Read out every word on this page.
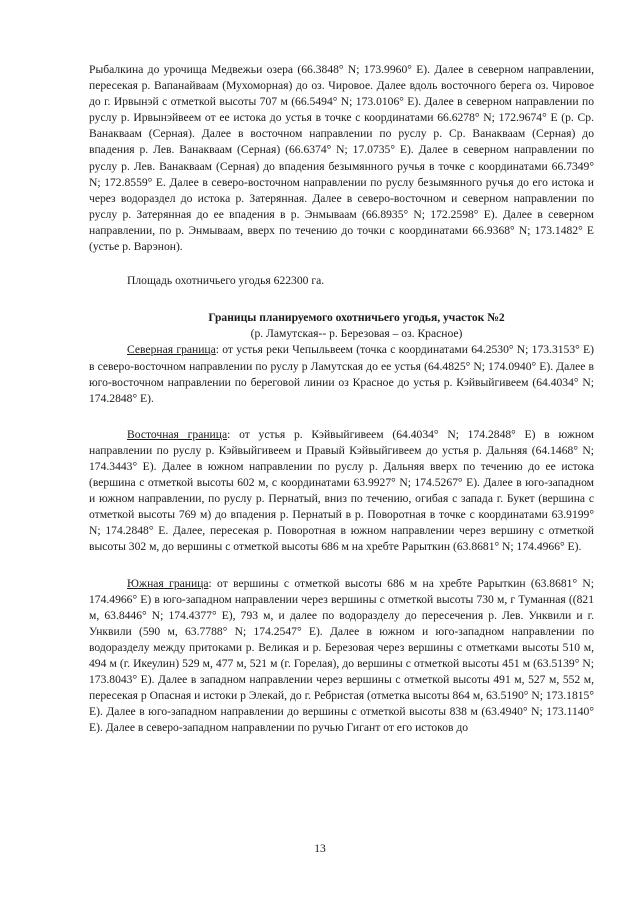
Рыбалкина до урочища Медвежьи озера (66.3848° N; 173.9960° E). Далее в северном направлении, пересекая р. Вапанайваам (Мухоморная) до оз. Чировое. Далее вдоль восточного берега оз. Чировое до г. Ирвынэй с отметкой высоты 707 м (66.5494° N; 173.0106° E). Далее в северном направлении по руслу р. Ирвынэйвеем от ее истока до устья в точке с координатами 66.6278° N; 172.9674° E (р. Ср. Ванакваам (Серная). Далее в восточном направлении по руслу р. Ср. Ванакваам (Серная) до впадения р. Лев. Ванакваам (Серная) (66.6374° N; 17.0735° E). Далее в северном направлении по руслу р. Лев. Ванакваам (Серная) до впадения безымянного ручья в точке с координатами 66.7349° N; 172.8559° E. Далее в северо-восточном направлении по руслу безымянного ручья до его истока и через водораздел до истока р. Затерянная. Далее в северо-восточном и северном направлении по руслу р. Затерянная до ее впадения в р. Энмываам (66.8935° N; 172.2598° E). Далее в северном направлении, по р. Энмываам, вверх по течению до точки с координатами 66.9368° N; 173.1482° E (устье р. Варэнон).

Площадь охотничьего угодья 622300 га.

Границы планируемого охотничьего угодья, участок №2

(р. Ламутская-- р. Березовая – оз. Красное)

Северная граница: от устья реки Чепыльвеем (точка с координатами 64.2530° N; 173.3153° E) в северо-восточном направлении по руслу р Ламутская до ее устья (64.4825° N; 174.0940° E). Далее в юго-восточном направлении по береговой линии оз Красное до устья р. Кэйвыйгивеем (64.4034° N; 174.2848° E).

Восточная граница: от устья р. Кэйвыйгивеем (64.4034° N; 174.2848° E) в южном направлении по руслу р. Кэйвыйгивеем и Правый Кэйвыйгивеем до устья р. Дальняя (64.1468° N; 174.3443° E). Далее в южном направлении по руслу р. Дальняя вверх по течению до ее истока (вершина с отметкой высоты 602 м, с координатами 63.9927° N; 174.5267° E). Далее в юго-западном и южном направлении, по руслу р. Пернатый, вниз по течению, огибая с запада г. Букет (вершина с отметкой высоты 769 м) до впадения р. Пернатый в р. Поворотная в точке с координатами 63.9199° N; 174.2848° E. Далее, пересекая р. Поворотная в южном направлении через вершину с отметкой высоты 302 м, до вершины с отметкой высоты 686 м на хребте Рарыткин (63.8681° N; 174.4966° E).

Южная граница: от вершины с отметкой высоты 686 м на хребте Рарыткин (63.8681° N; 174.4966° E) в юго-западном направлении через вершины с отметкой высоты 730 м, г Туманная ((821 м, 63.8446° N; 174.4377° E), 793 м, и далее по водоразделу до пересечения р. Лев. Унквили и г. Унквили (590 м, 63.7788° N; 174.2547° E). Далее в южном и юго-западном направлении по водоразделу между притоками р. Великая и р. Березовая через вершины с отметками высоты 510 м, 494 м (г. Икеулин) 529 м, 477 м, 521 м (г. Горелая), до вершины с отметкой высоты 451 м (63.5139° N; 173.8043° E). Далее в западном направлении через вершины с отметкой высоты 491 м, 527 м, 552 м, пересекая р Опасная и истоки р Элекай, до г. Ребристая (отметка высоты 864 м, 63.5190° N; 173.1815° E). Далее в юго-западном направлении до вершины с отметкой высоты 838 м (63.4940° N; 173.1140° E). Далее в северо-западном направлении по ручью Гигант от его истоков до

13
